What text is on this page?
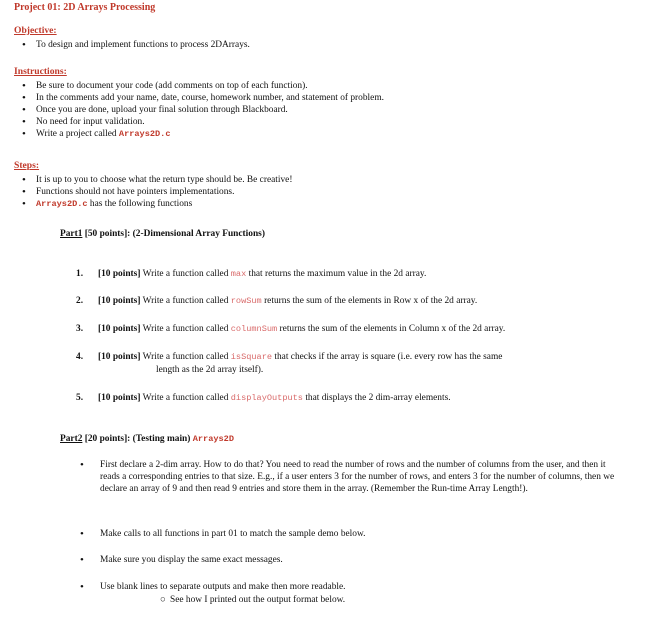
Project 01: 2D Arrays Processing
Objective:
• To design and implement functions to process 2DArrays.
Instructions:
• Be sure to document your code (add comments on top of each function).
• In the comments add your name, date, course, homework number, and statement of problem.
• Once you are done, upload your final solution through Blackboard.
• No need for input validation.
• Write a project called Arrays2D.c
Steps:
• It is up to you to choose what the return type should be. Be creative!
• Functions should not have pointers implementations.
• Arrays2D.c has the following functions
Part1 [50 points]: (2-Dimensional Array Functions)
1. [10 points] Write a function called max that returns the maximum value in the 2d array.
2. [10 points] Write a function called rowSum returns the sum of the elements in Row x of the 2d array.
3. [10 points] Write a function called columnSum returns the sum of the elements in Column x of the 2d array.
4. [10 points] Write a function called isSquare that checks if the array is square (i.e. every row has the same
length as the 2d array itself).
5. [10 points] Write a function called displayOutputs that displays the 2 dim-array elements.
Part2 [20 points]: (Testing main) Arrays2D
• First declare a 2-dim array. How to do that? You need to read the number of rows and the number of columns from the user, and then it reads a corresponding entries to that size. E.g., if a user enters 3 for the number of rows, and enters 3 for the number of columns, then we declare an array of 9 and then read 9 entries and store them in the array. (Remember the Run-time Array Length!).
• Make calls to all functions in part 01 to match the sample demo below.
• Make sure you display the same exact messages.
• Use blank lines to separate outputs and make then more readable.
○ See how I printed out the output format below.
